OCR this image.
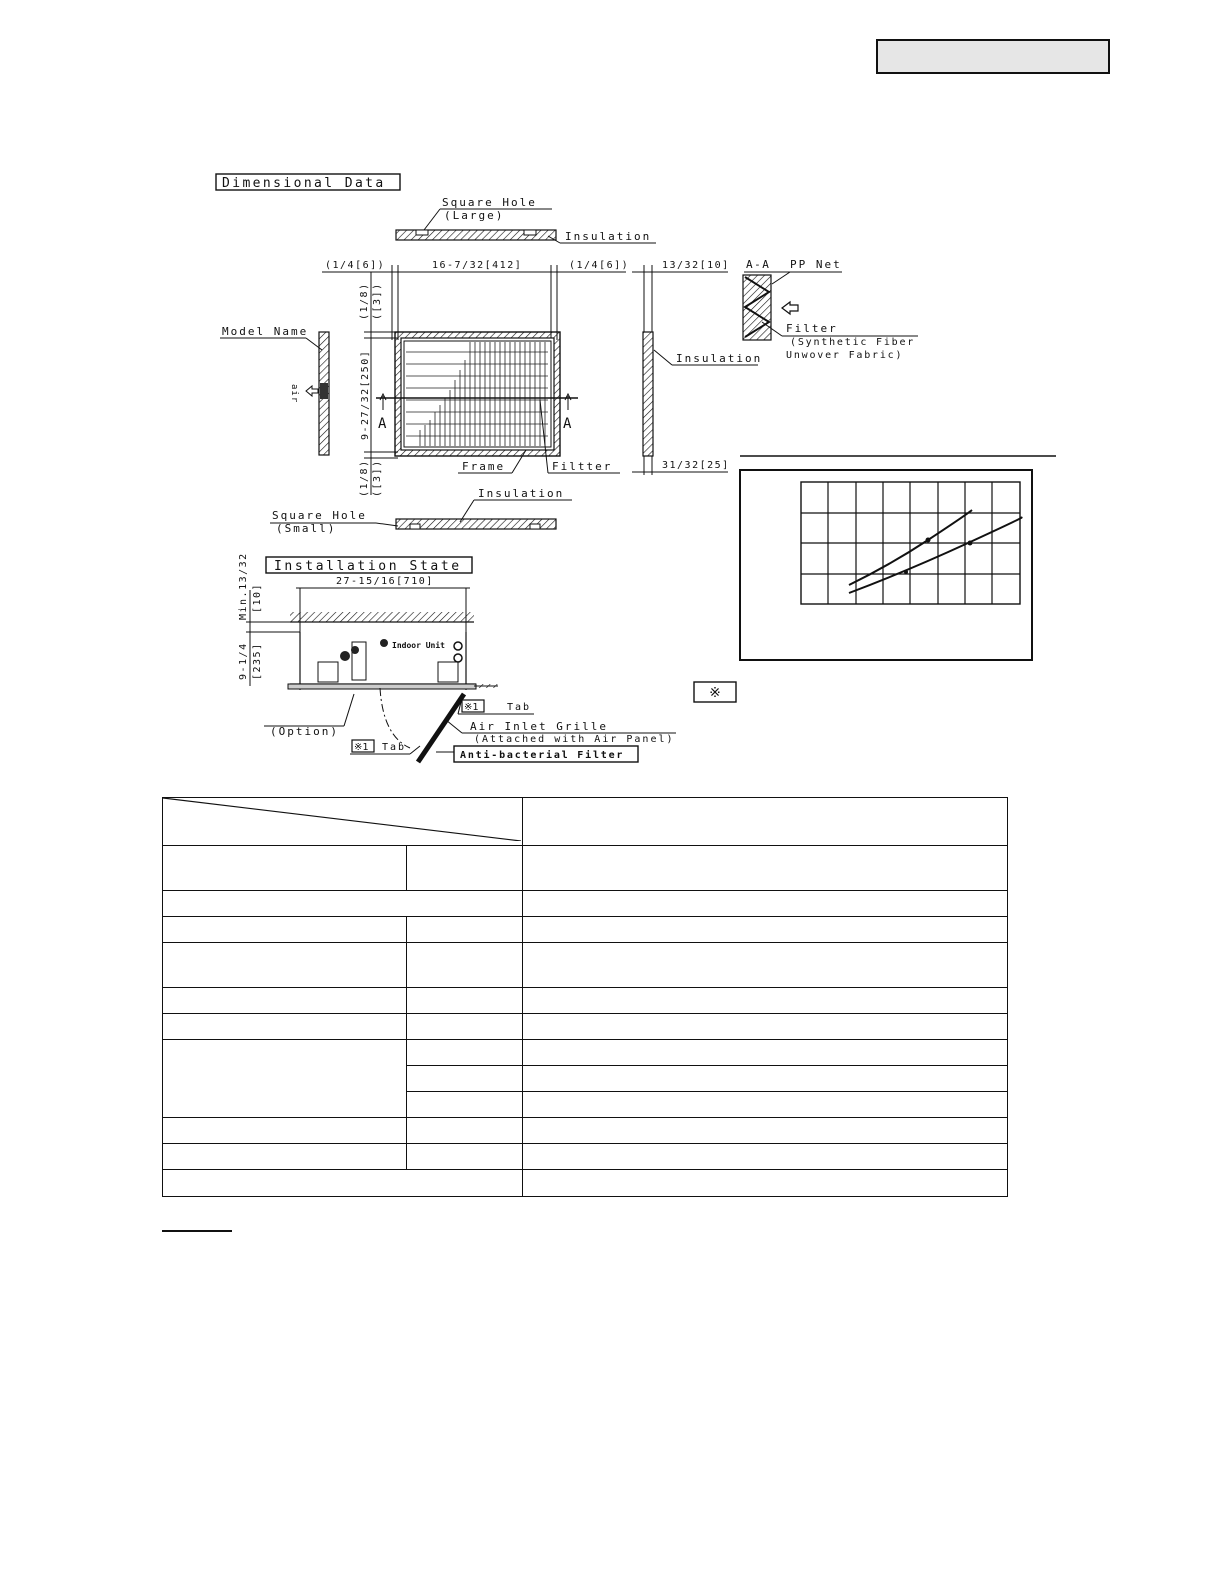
Dimensional Data
Square Hole
(Large)
Insulation
(1/4[6])	16-7/32[412]	(1/4[6])
(1/8) ([3])
9-27/32[250]
(1/8) ([3])
Model Name
air
A	A
Frame	Filtter
13/32[10]
Insulation
31/32[25]
A-A PP Net
Filter
(Synthetic Fiber
Unwover Fabric)
Insulation
Square Hole
(Small)
Installation State
27-15/16[710]
Min.13/32 [10]
9-1/4 [235]	Indoor Unit
※1	Tab
Air Inlet Grille
(Attached with Air Panel)
Anti-bacterial Filter
※1 Tab
(Option)
※
